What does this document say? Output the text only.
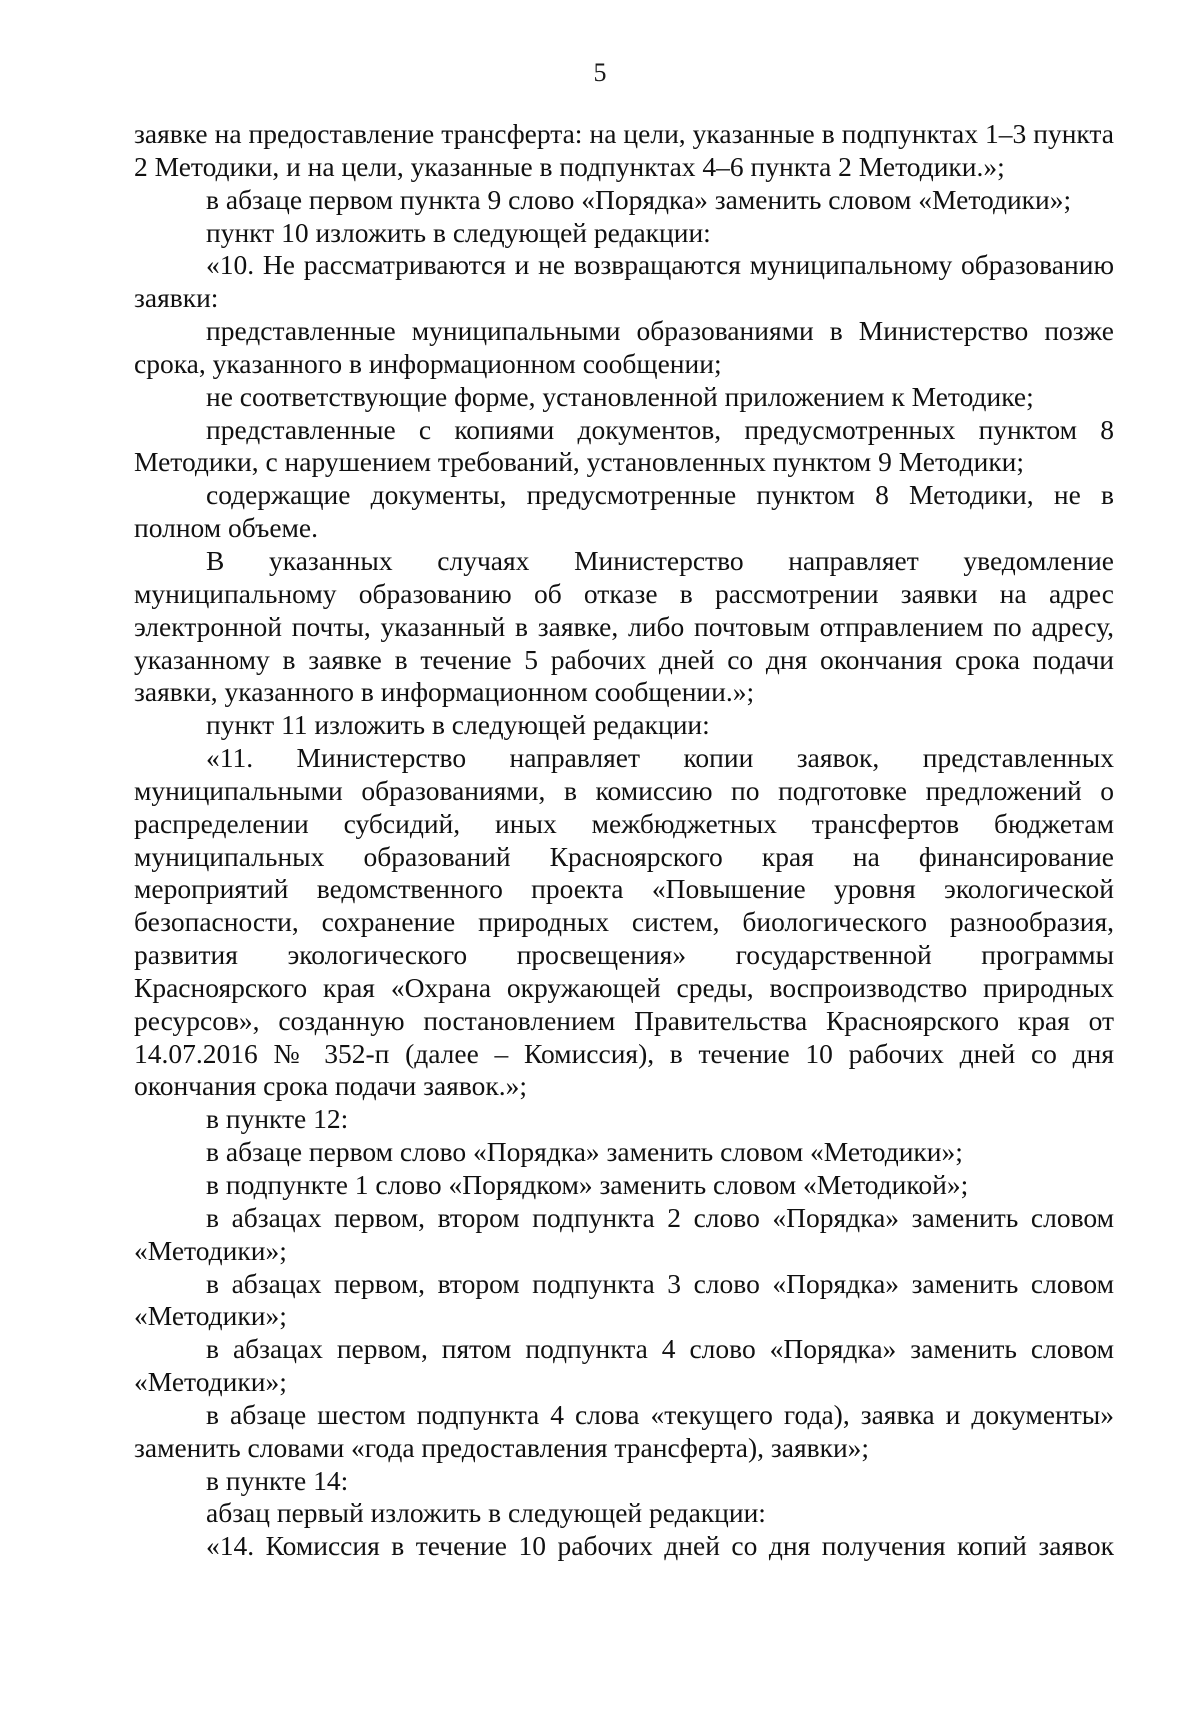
5

заявке на предоставление трансферта: на цели, указанные в подпунктах 1–3 пункта 2 Методики, и на цели, указанные в подпунктах 4–6 пункта 2 Методики.»;

в абзаце первом пункта 9 слово «Порядка» заменить словом «Методики»;

пункт 10 изложить в следующей редакции:

«10. Не рассматриваются и не возвращаются муниципальному образованию заявки:

представленные муниципальными образованиями в Министерство позже срока, указанного в информационном сообщении;

не соответствующие форме, установленной приложением к Методике;

представленные с копиями документов, предусмотренных пунктом 8 Методики, с нарушением требований, установленных пунктом 9 Методики;

содержащие документы, предусмотренные пунктом 8 Методики, не в полном объеме.

В указанных случаях Министерство направляет уведомление муниципальному образованию об отказе в рассмотрении заявки на адрес электронной почты, указанный в заявке, либо почтовым отправлением по адресу, указанному в заявке в течение 5 рабочих дней со дня окончания срока подачи заявки, указанного в информационном сообщении.»;

пункт 11 изложить в следующей редакции:

«11. Министерство направляет копии заявок, представленных муниципальными образованиями, в комиссию по подготовке предложений о распределении субсидий, иных межбюджетных трансфертов бюджетам муниципальных образований Красноярского края на финансирование мероприятий ведомственного проекта «Повышение уровня экологической безопасности, сохранение природных систем, биологического разнообразия, развития экологического просвещения» государственной программы Красноярского края «Охрана окружающей среды, воспроизводство природных ресурсов», созданную постановлением Правительства Красноярского края от 14.07.2016 № 352-п (далее – Комиссия), в течение 10 рабочих дней со дня окончания срока подачи заявок.»;

в пункте 12:

в абзаце первом слово «Порядка» заменить словом «Методики»;

в подпункте 1 слово «Порядком» заменить словом «Методикой»;

в абзацах первом, втором подпункта 2 слово «Порядка» заменить словом «Методики»;

в абзацах первом, втором подпункта 3 слово «Порядка» заменить словом «Методики»;

в абзацах первом, пятом подпункта 4 слово «Порядка» заменить словом «Методики»;

в абзаце шестом подпункта 4 слова «текущего года), заявка и документы» заменить словами «года предоставления трансферта), заявки»;

в пункте 14:

абзац первый изложить в следующей редакции:

«14. Комиссия в течение 10 рабочих дней со дня получения копий заявок
